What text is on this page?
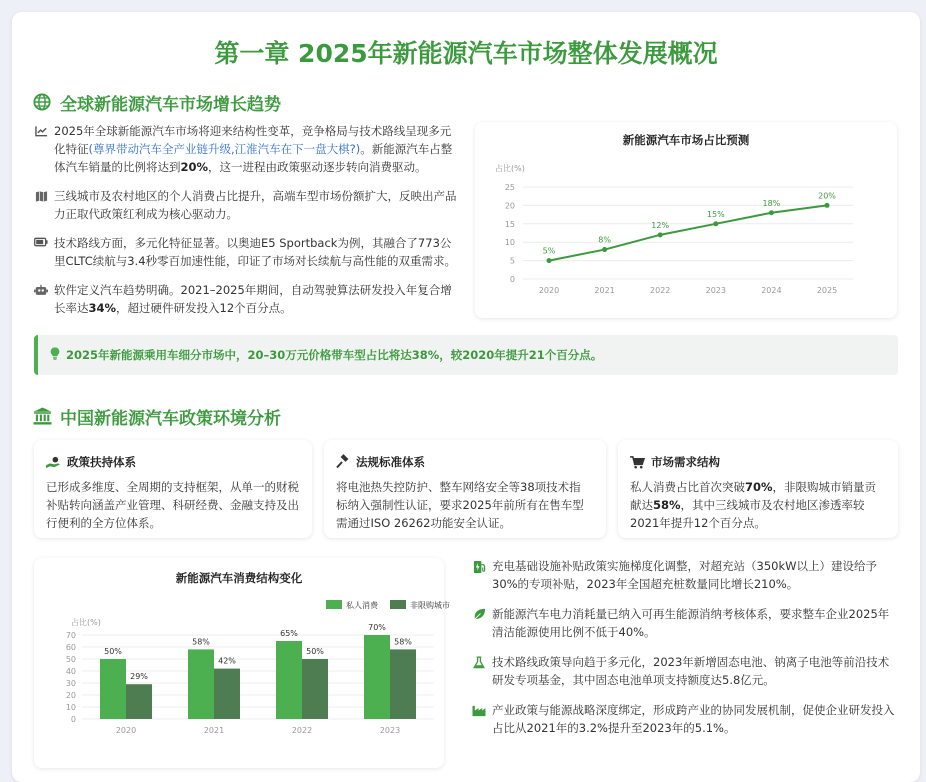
第一章 2025年新能源汽车市场整体发展概况
全球新能源汽车市场增长趋势
2025年全球新能源汽车市场将迎来结构性变革，竞争格局与技术路线呈现多元化特征(尊界带动汽车全产业链升级,江淮汽车在下一盘大棋?)。新能源汽车占整体汽车销量的比例将达到20%，这一进程由政策驱动逐步转向消费驱动。
三线城市及农村地区的个人消费占比提升，高端车型市场份额扩大，反映出产品力正取代政策红利成为核心驱动力。
技术路线方面，多元化特征显著。以奥迪E5 Sportback为例，其融合了773公里CLTC续航与3.4秒零百加速性能，印证了市场对长续航与高性能的双重需求。
软件定义汽车趋势明确。2021–2025年期间，自动驾驶算法研发投入年复合增长率达34%，超过硬件研发投入12个百分点。
新能源汽车市场占比预测
占比(%)
0
5
10
15
20
25
2020	2021	2022	2023	2024	2025
5%
8%
12%
15%
18%
20%
2025年新能源乘用车细分市场中，20–30万元价格带车型占比将达38%，较2020年提升21个百分点。
中国新能源汽车政策环境分析
政策扶持体系
已形成多维度、全周期的支持框架，从单一的财税补贴转向涵盖产业管理、科研经费、金融支持及出行便利的全方位体系。
法规标准体系
将电池热失控防护、整车网络安全等38项技术指标纳入强制性认证，要求2025年前所有在售车型需通过ISO 26262功能安全认证。
市场需求结构
私人消费占比首次突破70%，非限购城市销量贡献达58%，其中三线城市及农村地区渗透率较2021年提升12个百分点。
新能源汽车消费结构变化
占比(%)
0
10
20
30
40
50
60
70
2020
50%
29%
2021
58%
42%
2022
65%
50%
2023
70%
58%
私人消费	非限购城市
充电基础设施补贴政策实施梯度化调整，对超充站（350kW以上）建设给予30%的专项补贴，2023年全国超充桩数量同比增长210%。
新能源汽车电力消耗量已纳入可再生能源消纳考核体系，要求整车企业2025年清洁能源使用比例不低于40%。
技术路线政策导向趋于多元化，2023年新增固态电池、钠离子电池等前沿技术研发专项基金，其中固态电池单项支持额度达5.8亿元。
产业政策与能源战略深度绑定，形成跨产业的协同发展机制，促使企业研发投入占比从2021年的3.2%提升至2023年的5.1%。
